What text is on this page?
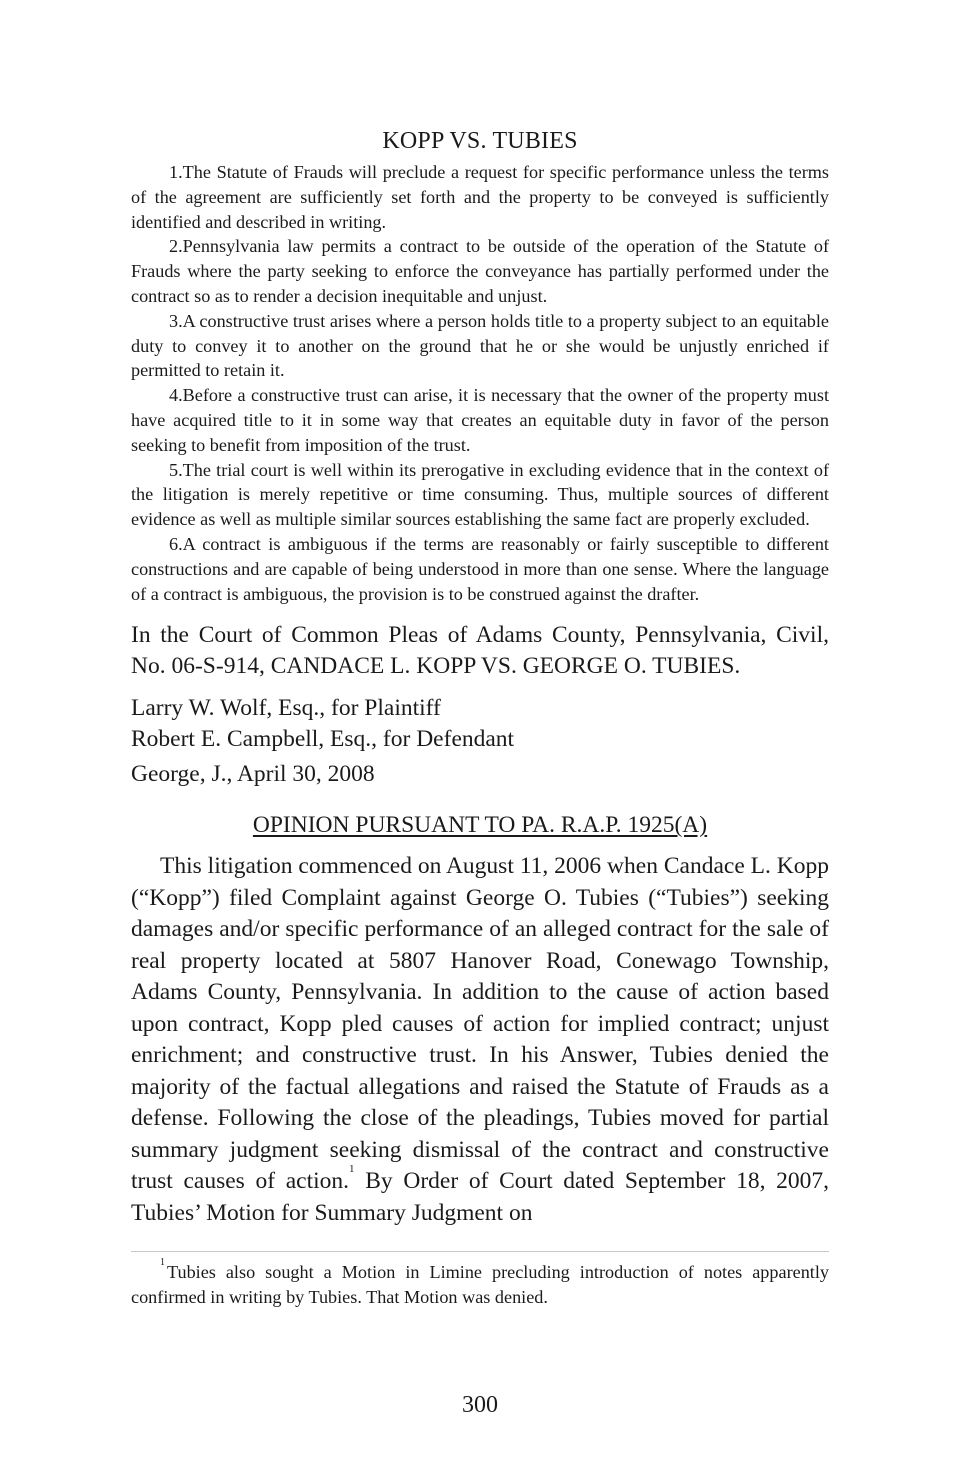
KOPP VS. TUBIES

1.The Statute of Frauds will preclude a request for specific performance unless the terms of the agreement are sufficiently set forth and the property to be conveyed is sufficiently identified and described in writing.

2.Pennsylvania law permits a contract to be outside of the operation of the Statute of Frauds where the party seeking to enforce the conveyance has partially performed under the contract so as to render a decision inequitable and unjust.

3.A constructive trust arises where a person holds title to a property subject to an equitable duty to convey it to another on the ground that he or she would be unjustly enriched if permitted to retain it.

4.Before a constructive trust can arise, it is necessary that the owner of the property must have acquired title to it in some way that creates an equitable duty in favor of the person seeking to benefit from imposition of the trust.

5.The trial court is well within its prerogative in excluding evidence that in the context of the litigation is merely repetitive or time consuming. Thus, multiple sources of different evidence as well as multiple similar sources establishing the same fact are properly excluded.

6.A contract is ambiguous if the terms are reasonably or fairly susceptible to different constructions and are capable of being understood in more than one sense. Where the language of a contract is ambiguous, the provision is to be construed against the drafter.

In the Court of Common Pleas of Adams County, Pennsylvania, Civil, No. 06-S-914, CANDACE L. KOPP VS. GEORGE O. TUBIES.

Larry W. Wolf, Esq., for Plaintiff
Robert E. Campbell, Esq., for Defendant
George, J., April 30, 2008
OPINION PURSUANT TO PA. R.A.P. 1925(A)

This litigation commenced on August 11, 2006 when Candace L. Kopp (“Kopp”) filed Complaint against George O. Tubies (“Tubies”) seeking damages and/or specific performance of an alleged contract for the sale of real property located at 5807 Hanover Road, Conewago Township, Adams County, Pennsylvania. In addition to the cause of action based upon contract, Kopp pled causes of action for implied contract; unjust enrichment; and constructive trust. In his Answer, Tubies denied the majority of the factual allegations and raised the Statute of Frauds as a defense. Following the close of the pleadings, Tubies moved for partial summary judgment seeking dismissal of the contract and constructive trust causes of action.$^1$ By Order of Court dated September 18, 2007, Tubies’ Motion for Summary Judgment on

$^1$ Tubies also sought a Motion in Limine precluding introduction of notes apparently confirmed in writing by Tubies. That Motion was denied.

300
